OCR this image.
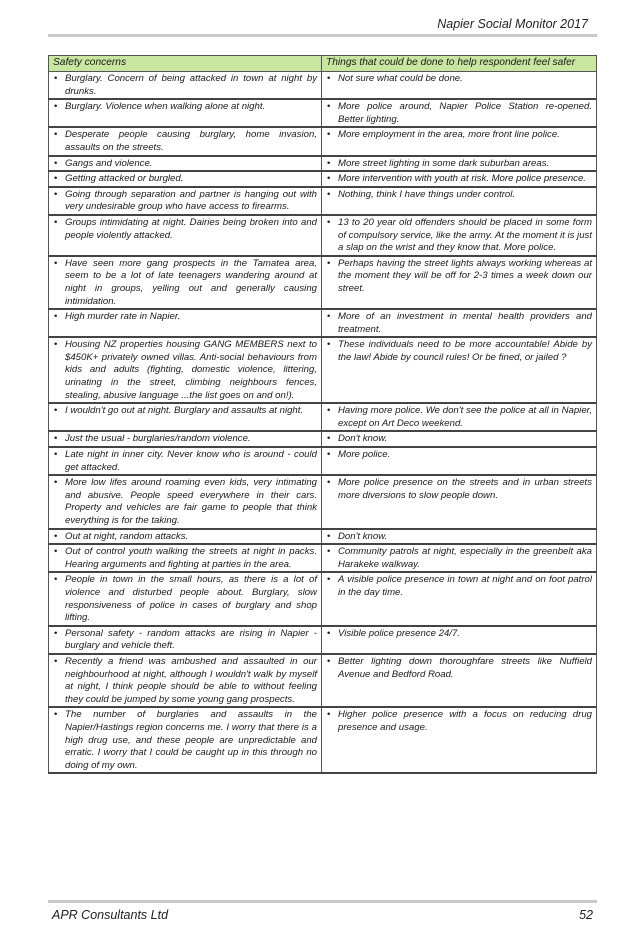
Napier Social Monitor 2017
Safety concerns	Things that could be done to help respondent feel safer

• Burglary. Concern of being attacked in town at night by drunks.	• Not sure what could be done.

• Burglary. Violence when walking alone at night.	• More police around, Napier Police Station re-opened. Better lighting.

• Desperate people causing burglary, home invasion, assaults on the streets.	• More employment in the area, more front line police.

• Gangs and violence.	• More street lighting in some dark suburban areas.

• Getting attacked or burgled.	• More intervention with youth at risk. More police presence.

• Going through separation and partner is hanging out with very undesirable group who have access to firearms.	• Nothing, think I have things under control.

• Groups intimidating at night. Dairies being broken into and people violently attacked.	• 13 to 20 year old offenders should be placed in some form of compulsory service, like the army. At the moment it is just a slap on the wrist and they know that. More police.

• Have seen more gang prospects in the Tamatea area, seem to be a lot of late teenagers wandering around at night in groups, yelling out and generally causing intimidation.	• Perhaps having the street lights always working whereas at the moment they will be off for 2-3 times a week down our street.

• High murder rate in Napier.	• More of an investment in mental health providers and treatment.

• Housing NZ properties housing GANG MEMBERS next to $450K+ privately owned villas. Anti-social behaviours from kids and adults (fighting, domestic violence, littering, urinating in the street, climbing neighbours fences, stealing, abusive language ...the list goes on and on!).	• These individuals need to be more accountable! Abide by the law! Abide by council rules! Or be fined, or jailed ?

• I wouldn't go out at night. Burglary and assaults at night.	• Having more police. We don't see the police at all in Napier, except on Art Deco weekend.

• Just the usual - burglaries/random violence.	• Don't know.

• Late night in inner city. Never know who is around - could get attacked.	• More police.

• More low lifes around roaming even kids, very intimating and abusive. People speed everywhere in their cars. Property and vehicles are fair game to people that think everything is for the taking.	• More police presence on the streets and in urban streets more diversions to slow people down.

• Out at night, random attacks.	• Don't know.

• Out of control youth walking the streets at night in packs. Hearing arguments and fighting at parties in the area.	• Community patrols at night, especially in the greenbelt aka Harakeke walkway.

• People in town in the small hours, as there is a lot of violence and disturbed people about. Burglary, slow responsiveness of police in cases of burglary and shop lifting.	• A visible police presence in town at night and on foot patrol in the day time.

• Personal safety - random attacks are rising in Napier - burglary and vehicle theft.	• Visible police presence 24/7.

• Recently a friend was ambushed and assaulted in our neighbourhood at night, although I wouldn't walk by myself at night, I think people should be able to without feeling they could be jumped by some young gang prospects.	• Better lighting down thoroughfare streets like Nuffield Avenue and Bedford Road.

• The number of burglaries and assaults in the Napier/Hastings region concerns me. I worry that there is a high drug use, and these people are unpredictable and erratic. I worry that I could be caught up in this through no doing of my own.	• Higher police presence with a focus on reducing drug presence and usage.
APR Consultants Ltd	52
